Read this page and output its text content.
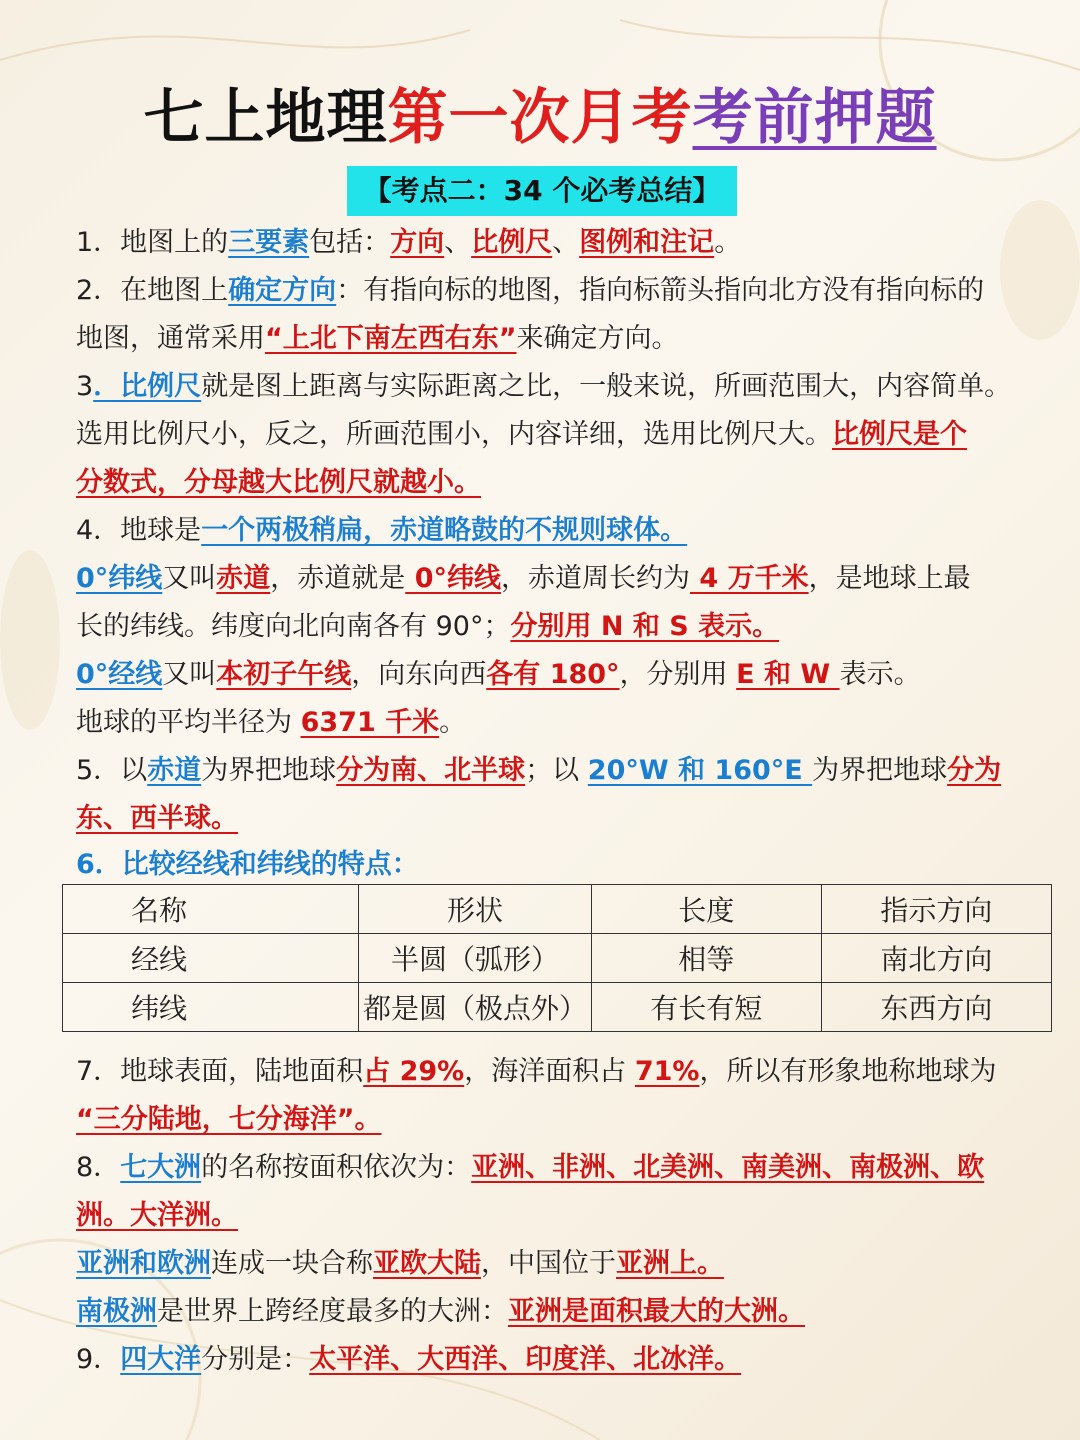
七上地理第一次月考考前押题
【考点二：34 个必考总结】
1．地图上的三要素包括：方向、比例尺、图例和注记。
2．在地图上确定方向：有指向标的地图，指向标箭头指向北方没有指向标的
地图，通常采用“上北下南左西右东”来确定方向。
3．比例尺就是图上距离与实际距离之比，一般来说，所画范围大，内容简单。
选用比例尺小，反之，所画范围小，内容详细，选用比例尺大。比例尺是个
分数式，分母越大比例尺就越小。
4．地球是一个两极稍扁，赤道略鼓的不规则球体。
0°纬线又叫赤道，赤道就是 0°纬线，赤道周长约为 4 万千米，是地球上最
长的纬线。纬度向北向南各有 90°；分别用 N 和 S 表示。
0°经线又叫本初子午线，向东向西各有 180°，分别用 E 和 W 表示。
地球的平均半径为 6371 千米。
5．以赤道为界把地球分为南、北半球；以 20°W 和 160°E 为界把地球分为
东、西半球。
6．比较经线和纬线的特点：
名称	形状	长度	指示方向
经线	半圆（弧形）	相等	南北方向
纬线	都是圆（极点外）	有长有短	东西方向
7．地球表面，陆地面积占 29%，海洋面积占 71%，所以有形象地称地球为
“三分陆地，七分海洋”。
8．七大洲的名称按面积依次为：亚洲、非洲、北美洲、南美洲、南极洲、欧
洲。大洋洲。
亚洲和欧洲连成一块合称亚欧大陆，中国位于亚洲上。
南极洲是世界上跨经度最多的大洲：亚洲是面积最大的大洲。
9．四大洋分别是：太平洋、大西洋、印度洋、北冰洋。
